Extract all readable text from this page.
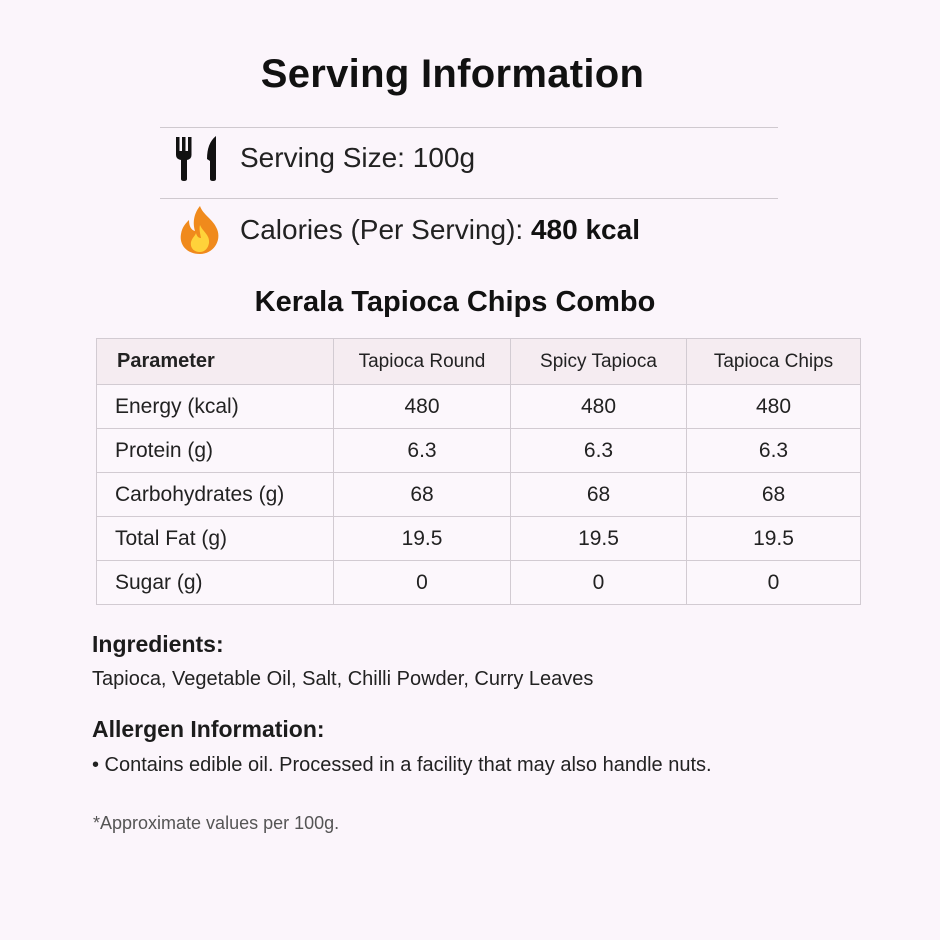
Serving Information
Serving Size: 100g
Calories (Per Serving): 480 kcal
Kerala Tapioca Chips Combo
Parameter	Tapioca Round	Spicy Tapioca	Tapioca Chips
Energy (kcal)	480	480	480
Protein (g)	6.3	6.3	6.3
Carbohydrates (g)	68	68	68
Total Fat (g)	19.5	19.5	19.5
Sugar (g)	0	0	0
Ingredients:
Tapioca, Vegetable Oil, Salt, Chilli Powder, Curry Leaves
Allergen Information:
• Contains edible oil. Processed in a facility that may also handle nuts.
*Approximate values per 100g.
